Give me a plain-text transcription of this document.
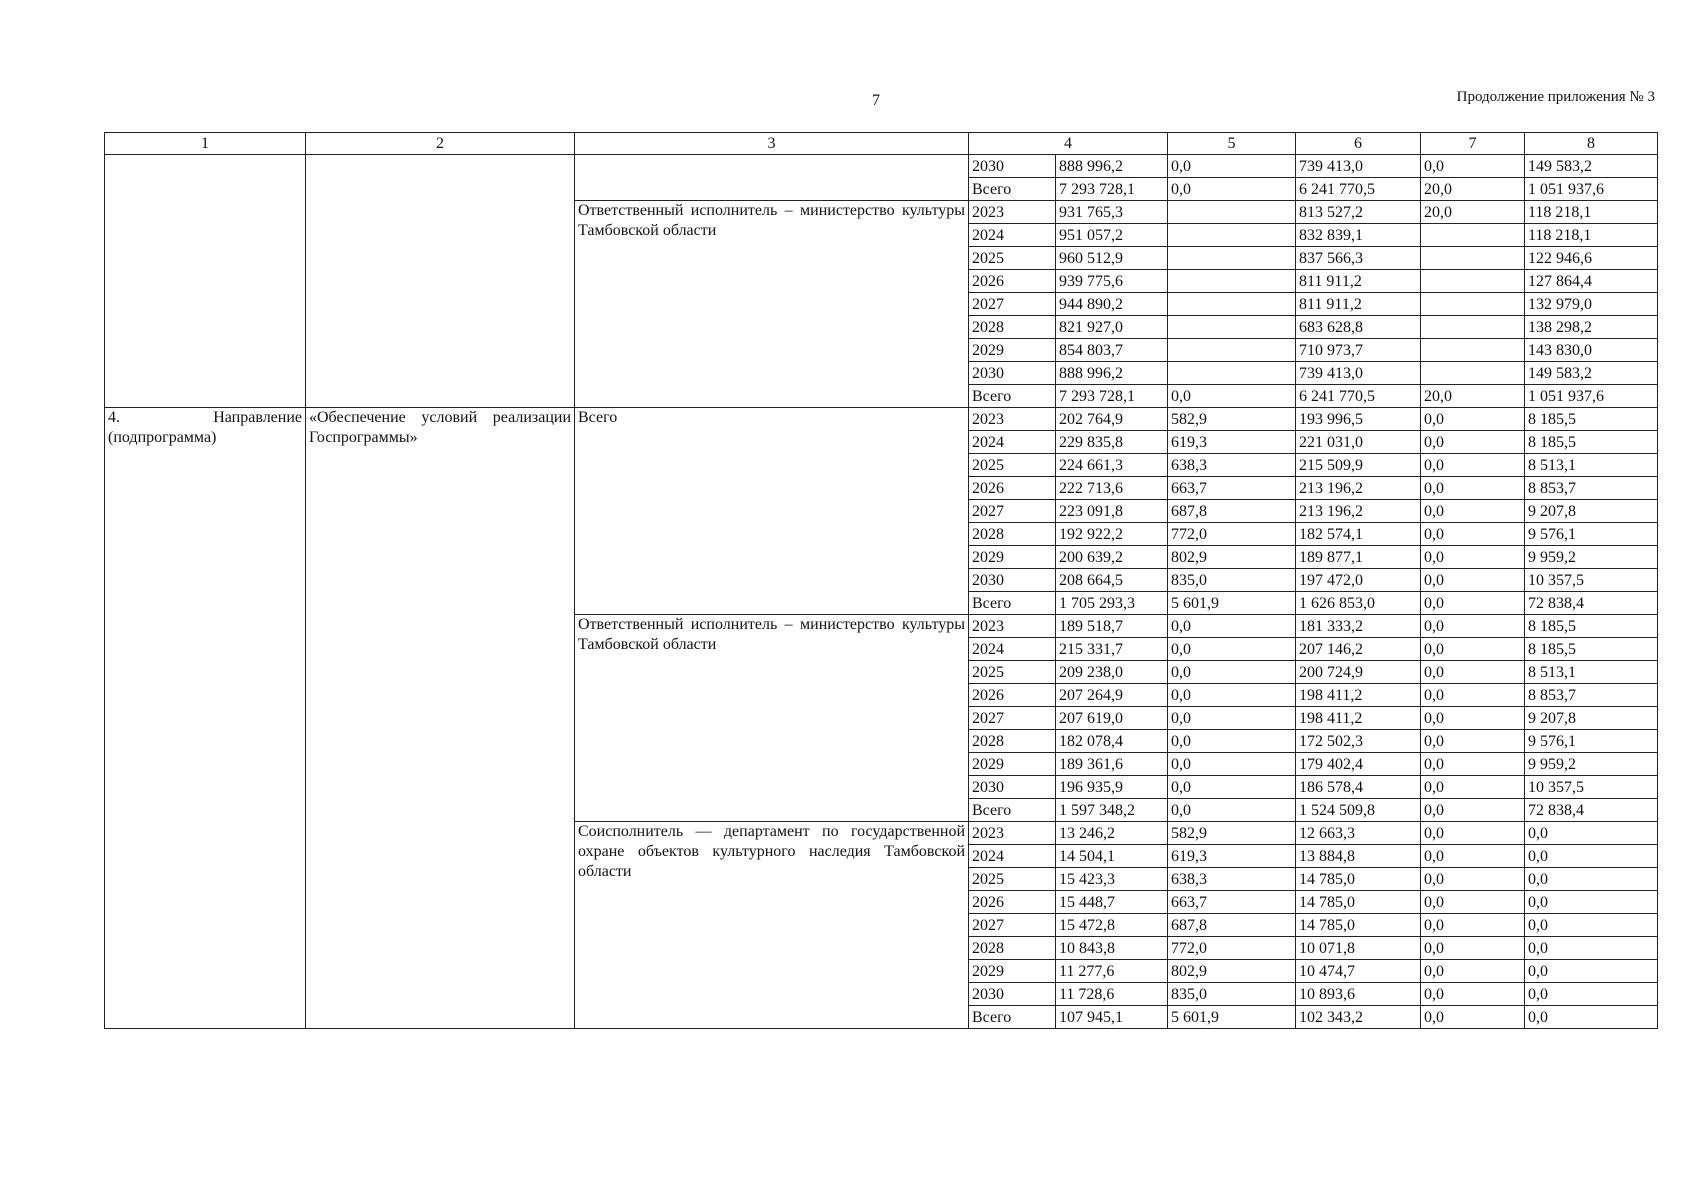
7	Продолжение приложения № 3
1	2	3	4		5	6	7	8
			2030	888 996,2	0,0	739 413,0	0,0	149 583,2
			Всего	7 293 728,1	0,0	6 241 770,5	20,0	1 051 937,6
		Ответственный исполнитель – министерство культуры Тамбовской области	2023	931 765,3		813 527,2	20,0	118 218,1
			2024	951 057,2		832 839,1		118 218,1
			2025	960 512,9		837 566,3		122 946,6
			2026	939 775,6		811 911,2		127 864,4
			2027	944 890,2		811 911,2		132 979,0
			2028	821 927,0		683 628,8		138 298,2
			2029	854 803,7		710 973,7		143 830,0
			2030	888 996,2		739 413,0		149 583,2
			Всего	7 293 728,1	0,0	6 241 770,5	20,0	1 051 937,6
4. Направление (подпрограмма)	«Обеспечение условий реализации Госпрограммы»	Всего	2023	202 764,9	582,9	193 996,5	0,0	8 185,5
			2024	229 835,8	619,3	221 031,0	0,0	8 185,5
			2025	224 661,3	638,3	215 509,9	0,0	8 513,1
			2026	222 713,6	663,7	213 196,2	0,0	8 853,7
			2027	223 091,8	687,8	213 196,2	0,0	9 207,8
			2028	192 922,2	772,0	182 574,1	0,0	9 576,1
			2029	200 639,2	802,9	189 877,1	0,0	9 959,2
			2030	208 664,5	835,0	197 472,0	0,0	10 357,5
			Всего	1 705 293,3	5 601,9	1 626 853,0	0,0	72 838,4
		Ответственный исполнитель – министерство культуры Тамбовской области	2023	189 518,7	0,0	181 333,2	0,0	8 185,5
			2024	215 331,7	0,0	207 146,2	0,0	8 185,5
			2025	209 238,0	0,0	200 724,9	0,0	8 513,1
			2026	207 264,9	0,0	198 411,2	0,0	8 853,7
			2027	207 619,0	0,0	198 411,2	0,0	9 207,8
			2028	182 078,4	0,0	172 502,3	0,0	9 576,1
			2029	189 361,6	0,0	179 402,4	0,0	9 959,2
			2030	196 935,9	0,0	186 578,4	0,0	10 357,5
			Всего	1 597 348,2	0,0	1 524 509,8	0,0	72 838,4
		Соисполнитель — департамент по государственной охране объектов культурного наследия Тамбовской области	2023	13 246,2	582,9	12 663,3	0,0	0,0
			2024	14 504,1	619,3	13 884,8	0,0	0,0
			2025	15 423,3	638,3	14 785,0	0,0	0,0
			2026	15 448,7	663,7	14 785,0	0,0	0,0
			2027	15 472,8	687,8	14 785,0	0,0	0,0
			2028	10 843,8	772,0	10 071,8	0,0	0,0
			2029	11 277,6	802,9	10 474,7	0,0	0,0
			2030	11 728,6	835,0	10 893,6	0,0	0,0
			Всего	107 945,1	5 601,9	102 343,2	0,0	0,0
